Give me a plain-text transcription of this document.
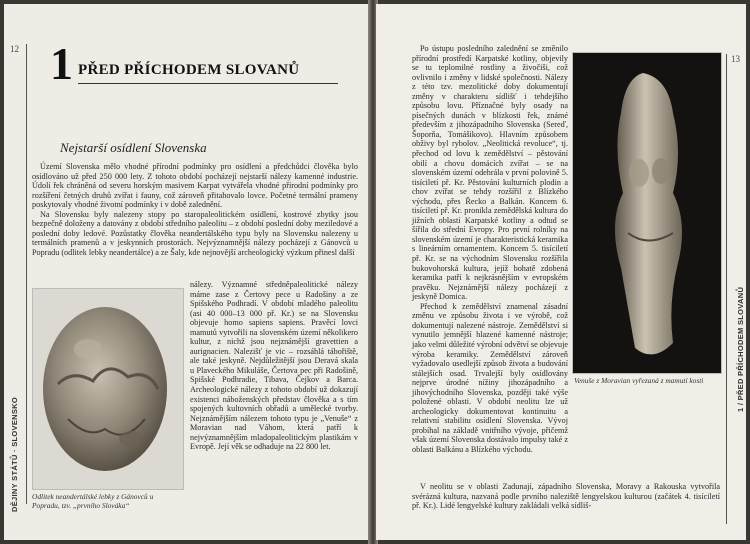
12 1 PŘED PŘÍCHODEM SLOVANŮ
Nejstarší osídlení Slovenska

Území Slovenska mělo vhodné přírodní podmínky pro osídlení a předchůdci člověka bylo osídlováno už před 250 000 lety. Z tohoto období pocházejí nejstarší nálezy kamenné industrie. Údolí řek chráněná od severu horským masivem Karpat vytvářela vhodné přírodní podmínky pro rozšíření četných druhů zvířat i fauny, což zároveň přitahovalo lovce. Početné termální prameny poskytovaly vhodné životní podmínky i v době zalednění.

Na Slovensku byly nalezeny stopy po staropaleolitickém osídlení, kostrové zbytky jsou bezpečně doloženy a datovány z období středního paleolitu – z období poslední doby meziledové a poslední doby ledové. Pozůstatky člověka neandertálského typu byly na Slovensku nalezeny u termálních pramenů a v jeskynních prostorách. Nejvýznamnější nálezy pocházejí z Gánovců u Popradu (odlitek lebky neandertálce) a ze Šaly, kde nejnovější archeologický výzkum přinesl další

Odlitek neandertálské lebky z Gánovců u Popradu, tzv. „prvního Slováka“

nálezy. Významné středněpaleolitické nálezy máme zase z Čertovy pece u Radošiny a ze Spišského Podhradí. V období mladého paleolitu (asi 40 000–13 000 př. Kr.) se na Slovensku objevuje homo sapiens sapiens. Pravěcí lovci mamutů vytvořili na slovenském území několikero kultur, z nichž jsou nejznámější gravettien a aurignacien. Nalezišť je vic – rozsáhlá tábořiště, ale také jeskyně. Nejdůležitější jsou Deravá skala u Plaveckého Mikuláše, Čertova pec při Radošině, Spišské Podhradie, Tibava, Čejkov a Barca. Archeologické nálezy z tohoto období už dokazují existenci náboženských představ člověka a s tím spojených kultovních obřadů a umělecké tvorby. Nejznámějším nálezem tohoto typu je „Venuše“ z Moravian nad Váhom, která patří k nejvýznamnějším mladopaleolitickým plastikám v Evropě. Její věk se odhaduje na 22 800 let.

DĚJINY STÁTŮ · SLOVENSKO
13

Po ústupu posledního zalednění se změnilo přírodní prostředí Karpatské kotliny, objevily se tu teplomilné rostliny a živočiši, což ovlivnilo i změny v lidské společnosti. Nálezy z této tzv. mezolitické doby dokumentují změny v charakteru sídlišť i tehdejšího způsobu lovu. Příznačné byly osady na písečných dunách v blízkosti řek, známé především z jihozápadního Slovenska (Sereď, Šoporňa, Tomášikovo). Hlavním způsobem obživy byl rybolov. „Neolitická revoluce“, tj. přechod od lovu k zemědělství – pěstování obilí a chovu domácích zvířat – se na slovenském území odehrála v první polovině 5. tisíciletí př. Kr. Pěstování kulturních plodin a chov zvířat se tehdy rozšířil z Blízkého východu, přes Řecko a Balkán. Koncem 6. tisíciletí př. Kr. pronikla zemědělská kultura do jižních oblastí Karpatské kotliny a odtud se šířila do střední Evropy. Pro první rolníky na slovenském území je charakteristická keramika s lineárním ornamentem. Koncem 5. tisíciletí př. Kr. se na východním Slovensku rozšířila bukovohorská kultura, jejíž bohatě zdobená keramika patří k nejkrásnějším v evropském pravěku. Nejznámější nálezy pocházejí z jeskyně Domica.

Přechod k zemědělství znamenal zásadní změnu ve způsobu života i ve výrobě, což dokumentují nalezené nástroje. Zemědělství si vynutilo jemnější hlazené kamenné nástroje; jako velmi důležité výrobní odvětví se objevuje výroba keramiky. Zemědělství zároveň vyžadovalo usedlejší způsob života a budování stálejších osad. Trvalejší byly osídlovány nejprve úrodné nížiny jihozápadního a jihovýchodního Slovenska, později také výše položené oblasti. V období neolitu lze už archeologicky dokumentovat kontinuitu a relativní stabilitu osídlení Slovenska. Vývoj probíhal na základě vnitřního vývoje, přičemž však území Slovenska dostávalo impulsy také z oblasti Balkánu a Blízkého východu.

Venuše z Moravian vyřezaná z mamutí kosti

V neolitu se v oblasti Zadunají, západního Slovenska, Moravy a Rakouska vytvořila svérázná kultura, nazvaná podle prvního naleziště lengyelskou kulturou (začátek 4. tisíciletí př. Kr.). Lidé lengyelské kultury zakládali velká sídliš-

1 / PŘED PŘÍCHODEM SLOVANŮ
